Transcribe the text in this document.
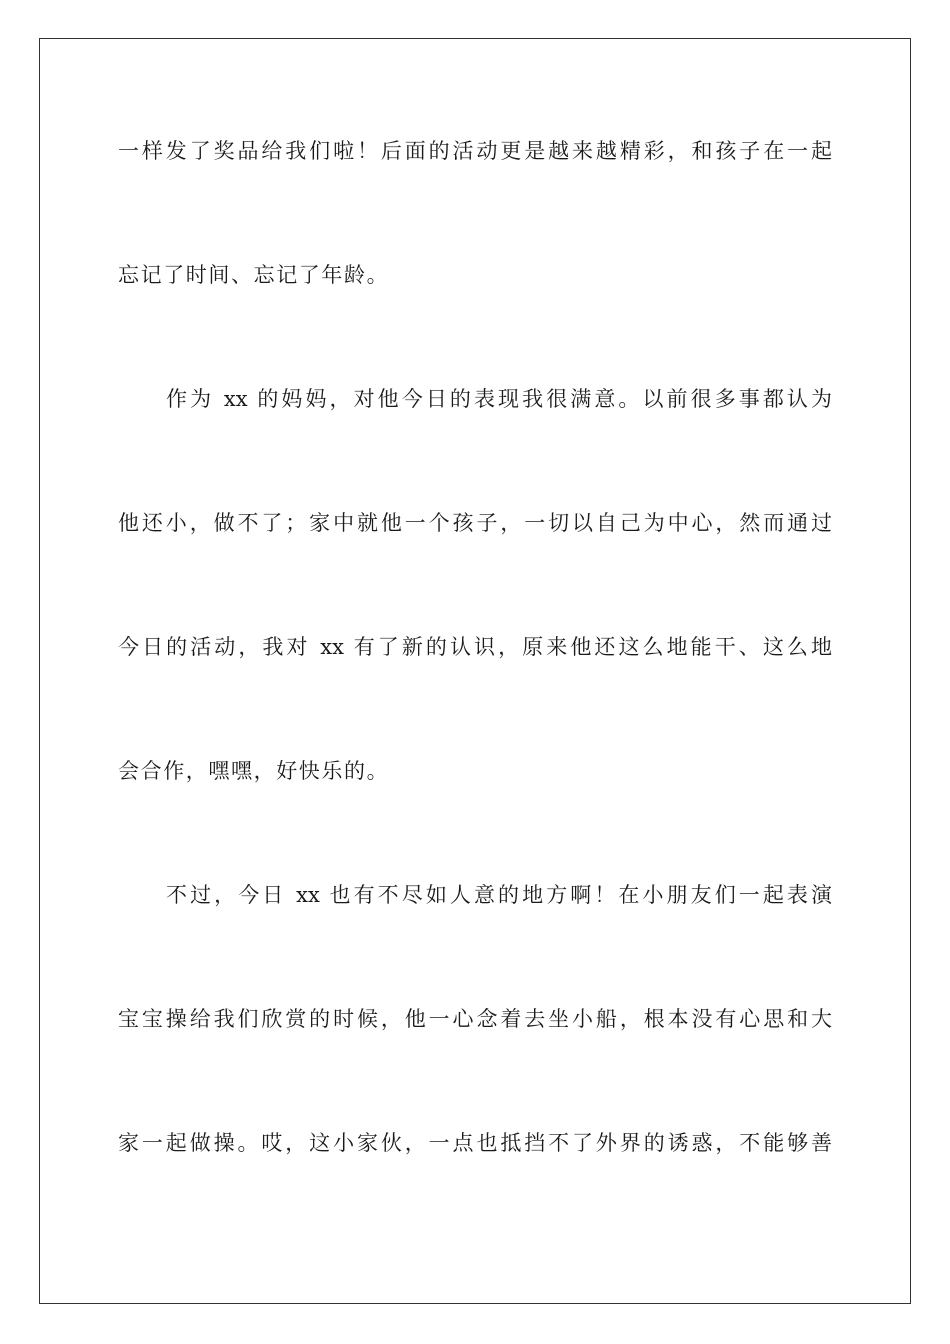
一样发了奖品给我们啦！后面的活动更是越来越精彩，和孩子在一起
忘记了时间、忘记了年龄。
作为 xx 的妈妈，对他今日的表现我很满意。以前很多事都认为
他还小，做不了；家中就他一个孩子，一切以自己为中心，然而通过
今日的活动，我对 xx 有了新的认识，原来他还这么地能干、这么地
会合作，嘿嘿，好快乐的。
不过，今日 xx 也有不尽如人意的地方啊！在小朋友们一起表演
宝宝操给我们欣赏的时候，他一心念着去坐小船，根本没有心思和大
家一起做操。哎，这小家伙，一点也抵挡不了外界的诱惑，不能够善
